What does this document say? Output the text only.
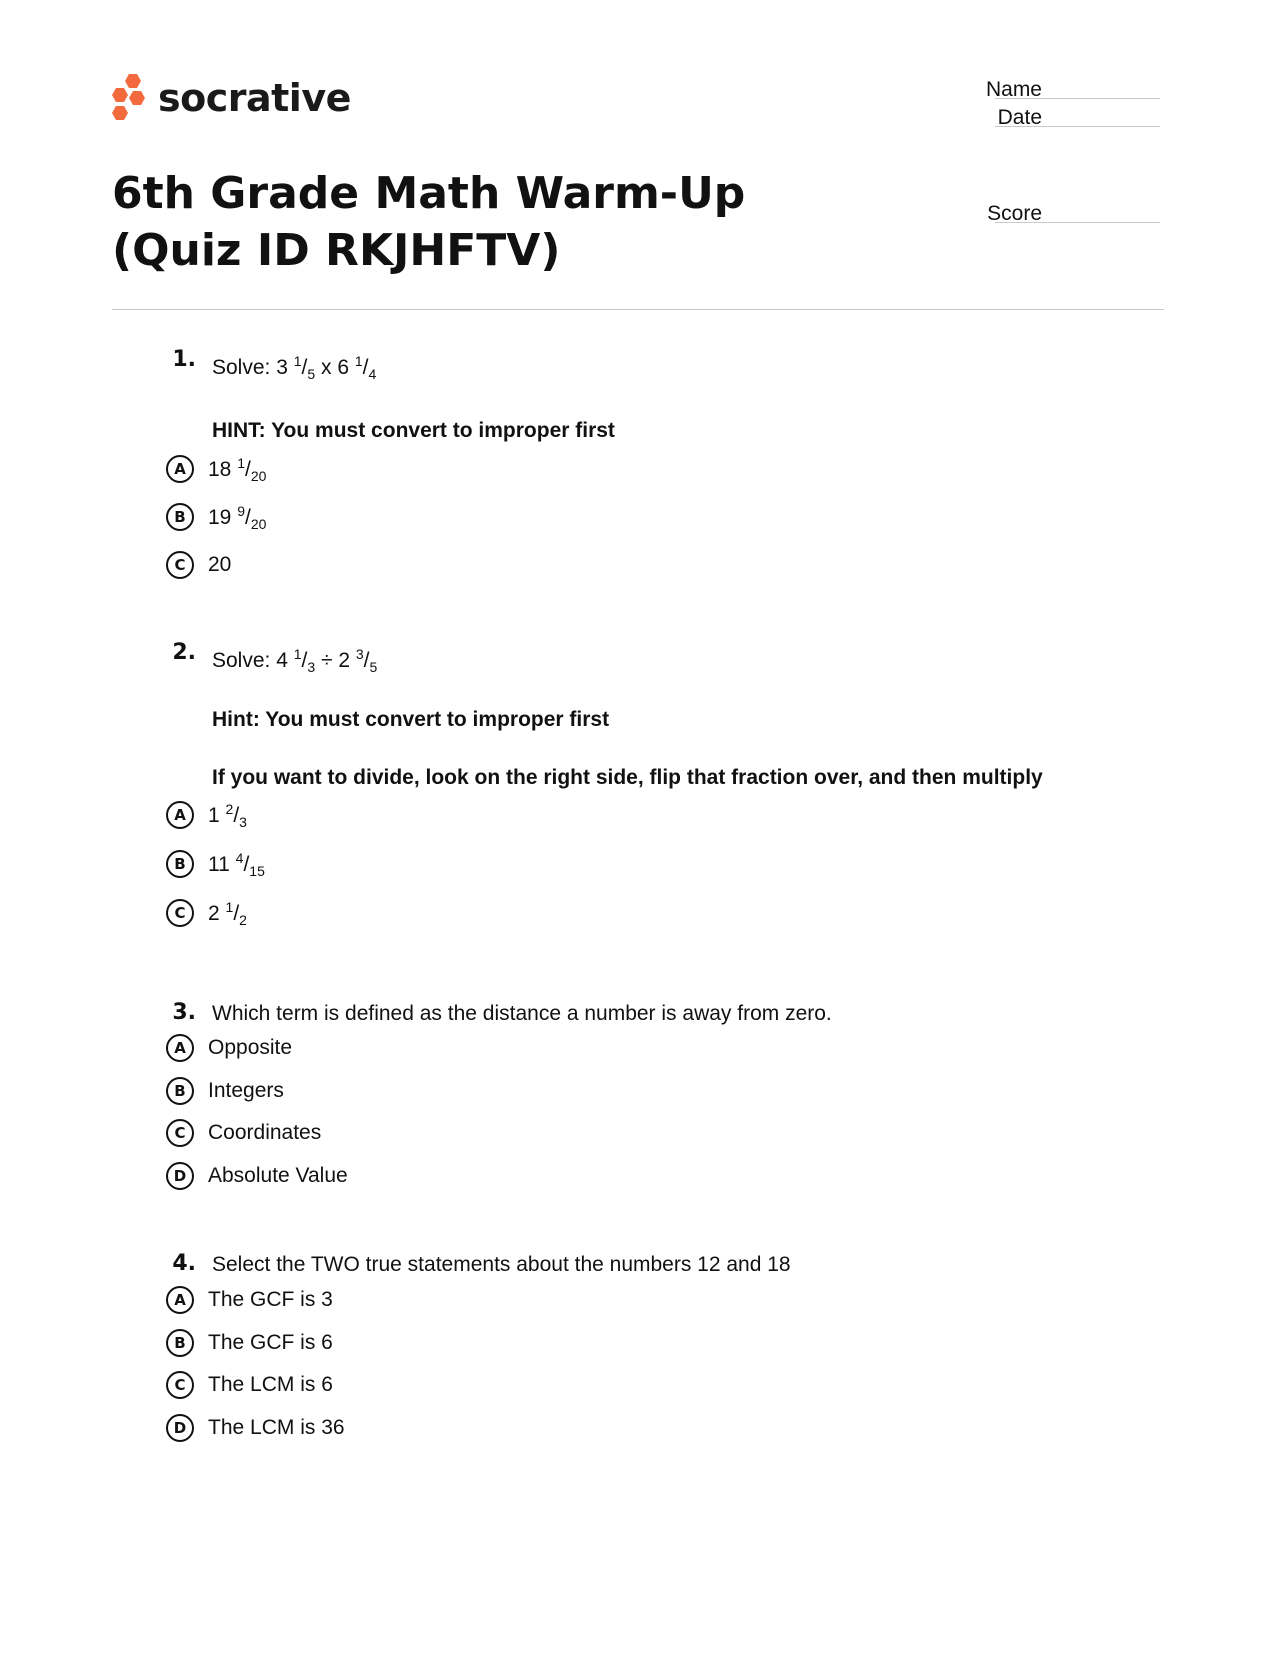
socrative	Name
Date
Score
6th Grade Math Warm-Up (Quiz ID RKJHFTV)
1. Solve: 3 $^1/_5$ x 6 $^1/_4$
HINT: You must convert to improper first
A	18 $^1/_{20}$
B	19 $^9/_{20}$
C	20
2. Solve: 4 $^1/_3 \div 2$ $^3/_5$
Hint: You must convert to improper first
If you want to divide, look on the right side, flip that fraction over, and then multiply
A	1 $^2/_3$
B	11 $^4/_{15}$
C	2 $^1/_2$
3. Which term is defined as the distance a number is away from zero.
A	Opposite
B	Integers
C	Coordinates
D	Absolute Value
4. Select the TWO true statements about the numbers 12 and 18
A	The GCF is 3
B	The GCF is 6
C	The LCM is 6
D	The LCM is 36
